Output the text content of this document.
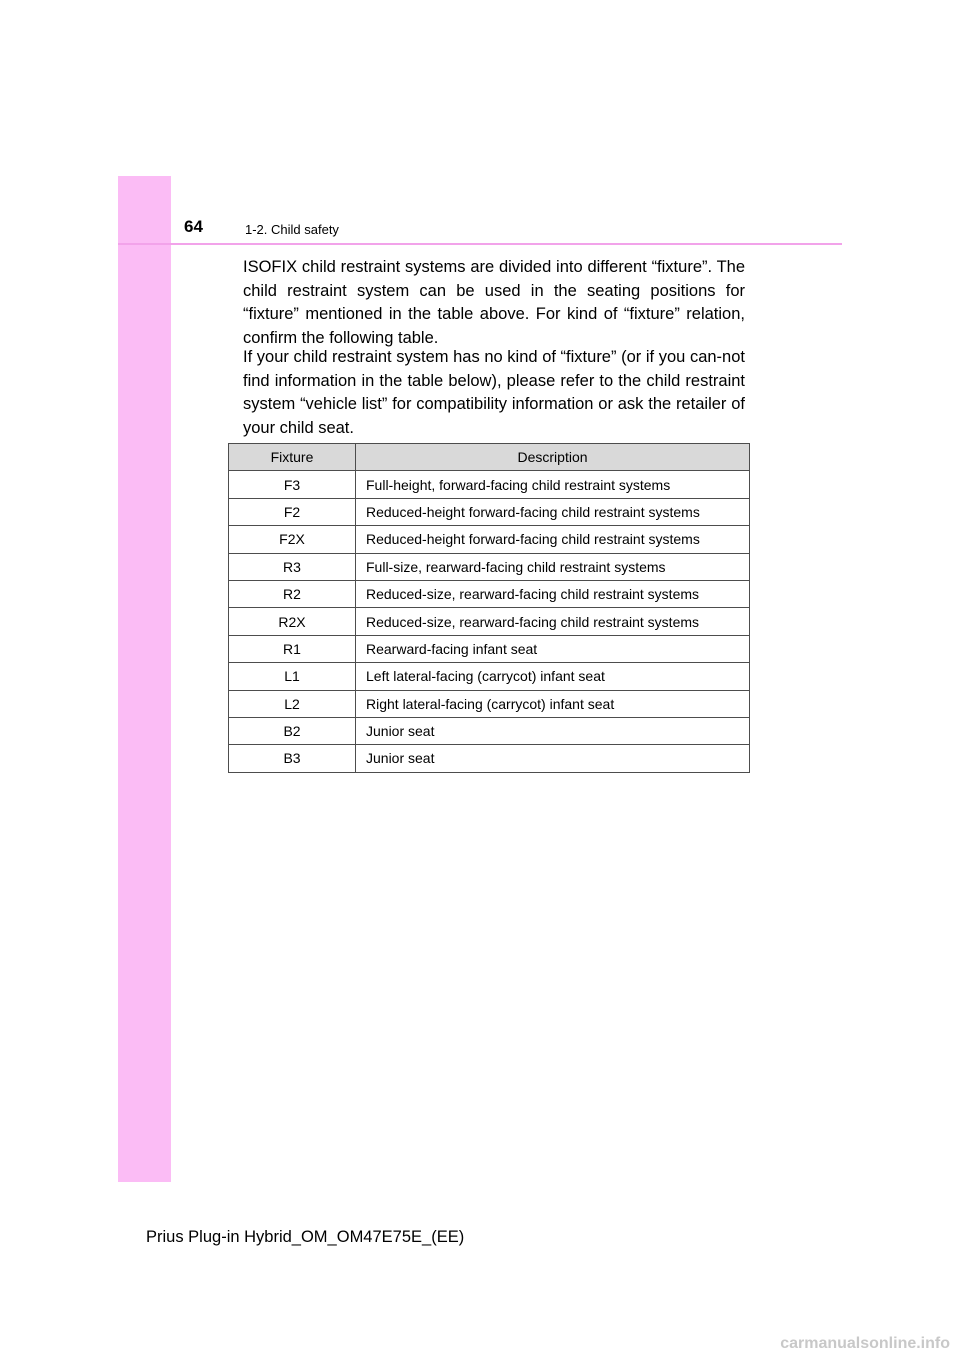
64	1-2. Child safety

ISOFIX child restraint systems are divided into different “fixture”. The child restraint system can be used in the seating positions for “fixture” mentioned in the table above. For kind of “fixture” relation, confirm the following table.

If your child restraint system has no kind of “fixture” (or if you can-not find information in the table below), please refer to the child restraint system “vehicle list” for compatibility information or ask the retailer of your child seat.

Fixture	Description
F3	Full-height, forward-facing child restraint systems
F2	Reduced-height forward-facing child restraint systems
F2X	Reduced-height forward-facing child restraint systems
R3	Full-size, rearward-facing child restraint systems
R2	Reduced-size, rearward-facing child restraint systems
R2X	Reduced-size, rearward-facing child restraint systems
R1	Rearward-facing infant seat
L1	Left lateral-facing (carrycot) infant seat
L2	Right lateral-facing (carrycot) infant seat
B2	Junior seat
B3	Junior seat
Prius Plug-in Hybrid_OM_OM47E75E_(EE)
carmanualsonline.info
